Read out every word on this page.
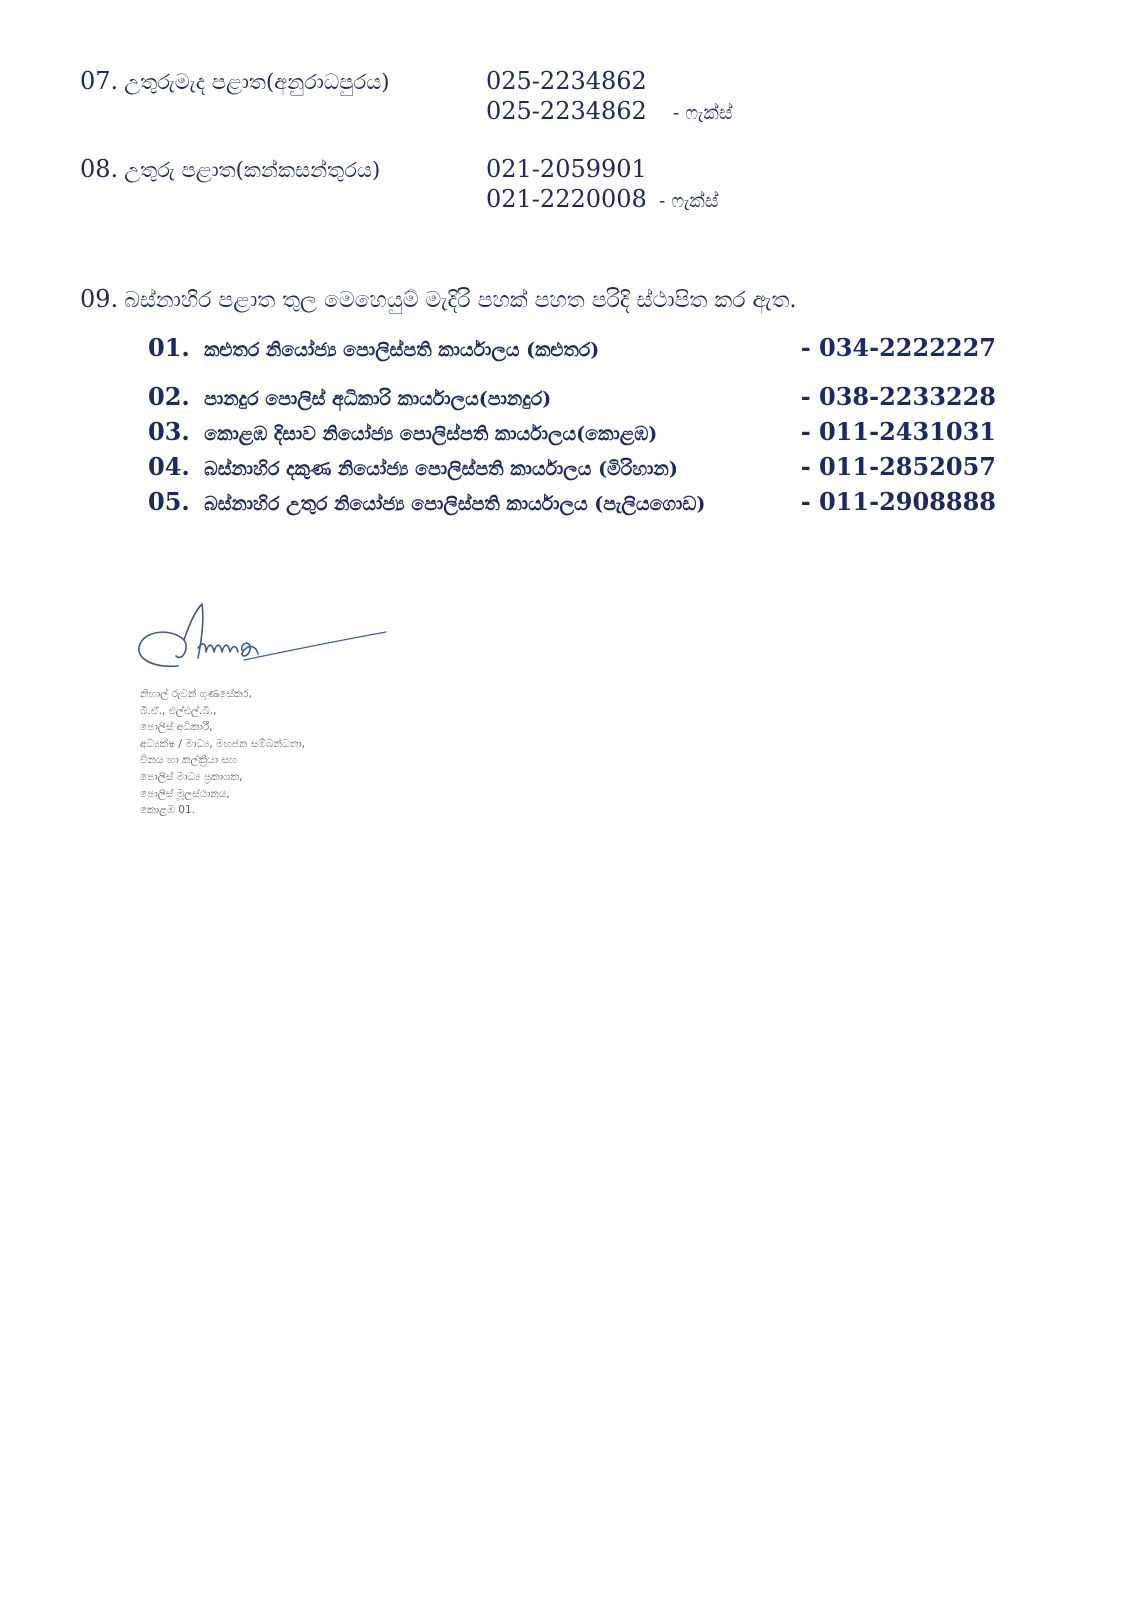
07. උතුරුමැද පළාත(අනුරාධපුරය)	025-2234862
025-2234862 - ෆැක්ස්
08. උතුරු පළාත(කන්කසන්තුරය)	021-2059901
021-2220008 - ෆැක්ස්
09. බස්නාහිර පළාත තුල මෙහෙයුම් මැදිරි පහක් පහත පරිදි ස්ථාපිත කර ඇත.
01. කළුතර නියෝජ්‍ය පොලිස්පති කාර්යාලය (කළුතර)	- 034-2222227
02. පානදුර පොලිස් අධිකාරි කාර්යාලය(පානදුර)	- 038-2233228
03. කොළඹ දිසාව නියෝජ්‍ය පොලිස්පති කාර්යාලය(කොළඹ)	- 011-2431031
04. බස්නාහිර දකුණ නියෝජ්‍ය පොලිස්පති කාර්යාලය (මිරිහාන)	- 011-2852057
05. බස්නාහිර උතුර නියෝජ්‍ය පොලිස්පති කාර්යාලය (පැලියගොඩ)	- 011-2908888
නිහාල් රුවන් ගුණසේකර,
බී.ඒ., එල්එල්.බී.,
පොලිස් අධිකාරී,
අධ්‍යක්ෂ / මාධ්‍ය, මහජන සම්බන්ධතා,
විනය හා කල්ක්‍රියා සහ
පොලිස් මාධ්‍ය ප්‍රකාශක,
පොලිස් මූලස්ථානය,
කොළඹ 01.
